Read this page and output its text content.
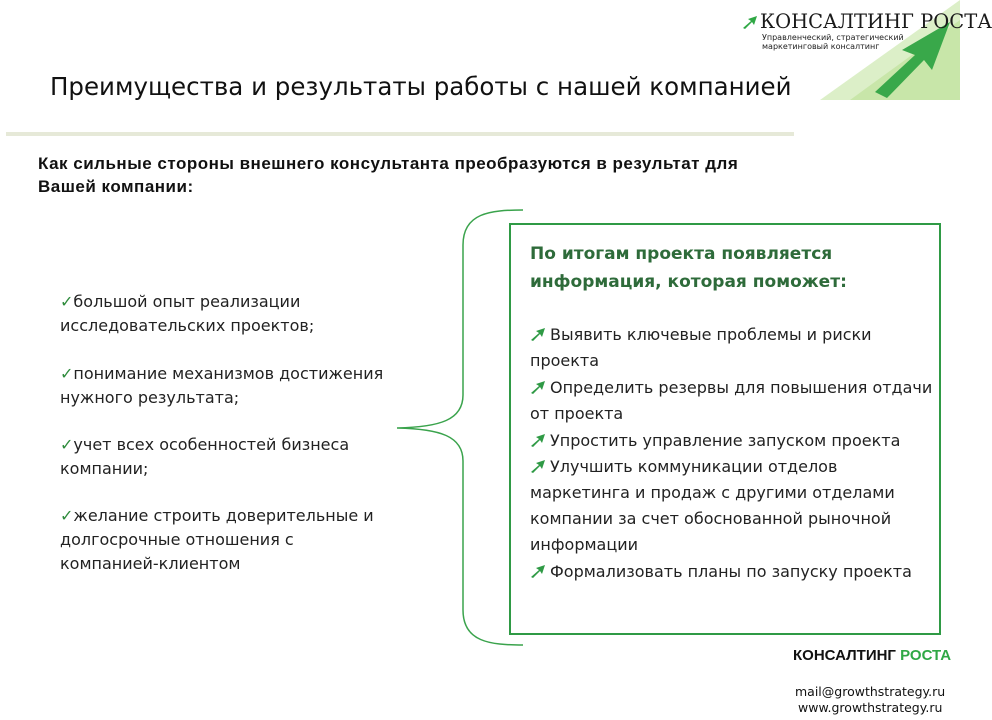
КОНСАЛТИНГ РОСТА
Управленческий, стратегический
маркетинговый консалтинг
Преимущества и результаты работы с нашей компанией
Как сильные стороны внешнего консультанта преобразуются в результат для Вашей компании:
✓большой опыт реализации исследовательских проектов;
✓понимание механизмов достижения нужного результата;
✓учет всех особенностей бизнеса компании;
✓желание строить доверительные и долгосрочные отношения с компанией-клиентом
По итогам проекта появляется информация, которая поможет:
Выявить ключевые проблемы и риски проекта
Определить резервы для повышения отдачи от проекта
Упростить управление запуском проекта
Улучшить коммуникации отделов маркетинга и продаж с другими отделами компании за счет обоснованной рыночной информации
Формализовать планы по запуску проекта
КОНСАЛТИНГ РОСТА
mail@growthstrategy.ru
www.growthstrategy.ru
